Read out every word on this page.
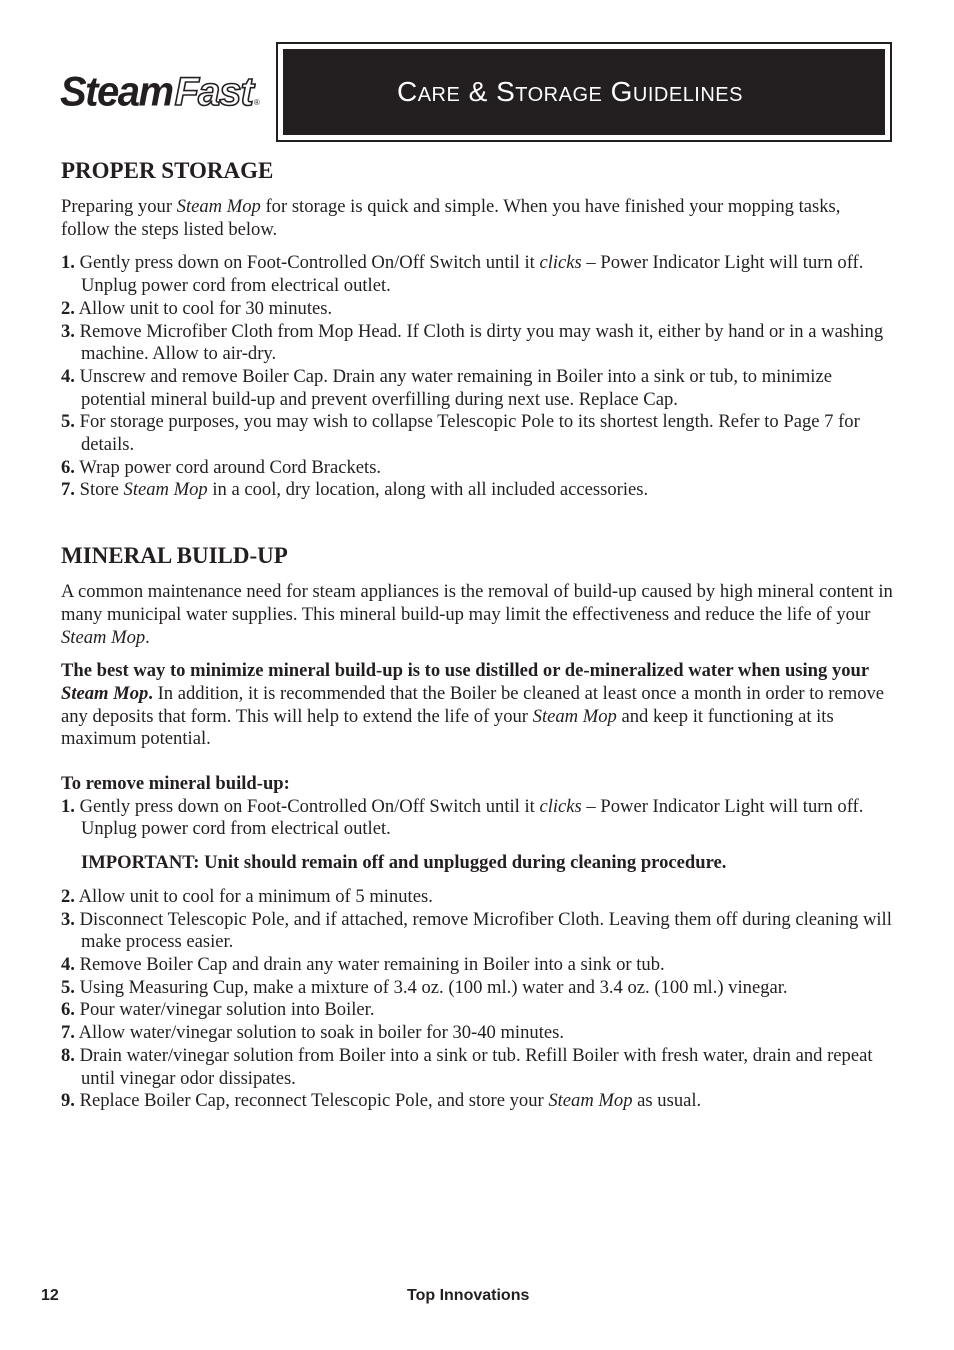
Steam Fast ®	Care & Storage Guidelines
PROPER STORAGE

Preparing your Steam Mop for storage is quick and simple. When you have finished your mopping tasks, follow the steps listed below.

1. Gently press down on Foot-Controlled On/Off Switch until it clicks – Power Indicator Light will turn off. Unplug power cord from electrical outlet.
2. Allow unit to cool for 30 minutes.
3. Remove Microfiber Cloth from Mop Head. If Cloth is dirty you may wash it, either by hand or in a washing machine. Allow to air-dry.
4. Unscrew and remove Boiler Cap. Drain any water remaining in Boiler into a sink or tub, to minimize potential mineral build-up and prevent overfilling during next use. Replace Cap.
5. For storage purposes, you may wish to collapse Telescopic Pole to its shortest length. Refer to Page 7 for details.
6. Wrap power cord around Cord Brackets.
7. Store Steam Mop in a cool, dry location, along with all included accessories.
MINERAL BUILD-UP

A common maintenance need for steam appliances is the removal of build-up caused by high mineral content in many municipal water supplies. This mineral build-up may limit the effectiveness and reduce the life of your Steam Mop.

The best way to minimize mineral build-up is to use distilled or de-mineralized water when using your Steam Mop. In addition, it is recommended that the Boiler be cleaned at least once a month in order to remove any deposits that form. This will help to extend the life of your Steam Mop and keep it functioning at its maximum potential.

To remove mineral build-up:

1. Gently press down on Foot-Controlled On/Off Switch until it clicks – Power Indicator Light will turn off. Unplug power cord from electrical outlet.

IMPORTANT: Unit should remain off and unplugged during cleaning procedure.

2. Allow unit to cool for a minimum of 5 minutes.
3. Disconnect Telescopic Pole, and if attached, remove Microfiber Cloth. Leaving them off during cleaning will make process easier.
4. Remove Boiler Cap and drain any water remaining in Boiler into a sink or tub.
5. Using Measuring Cup, make a mixture of 3.4 oz. (100 ml.) water and 3.4 oz. (100 ml.) vinegar.
6. Pour water/vinegar solution into Boiler.
7. Allow water/vinegar solution to soak in boiler for 30-40 minutes.
8. Drain water/vinegar solution from Boiler into a sink or tub. Refill Boiler with fresh water, drain and repeat until vinegar odor dissipates.
9. Replace Boiler Cap, reconnect Telescopic Pole, and store your Steam Mop as usual.
12	Top Innovations
